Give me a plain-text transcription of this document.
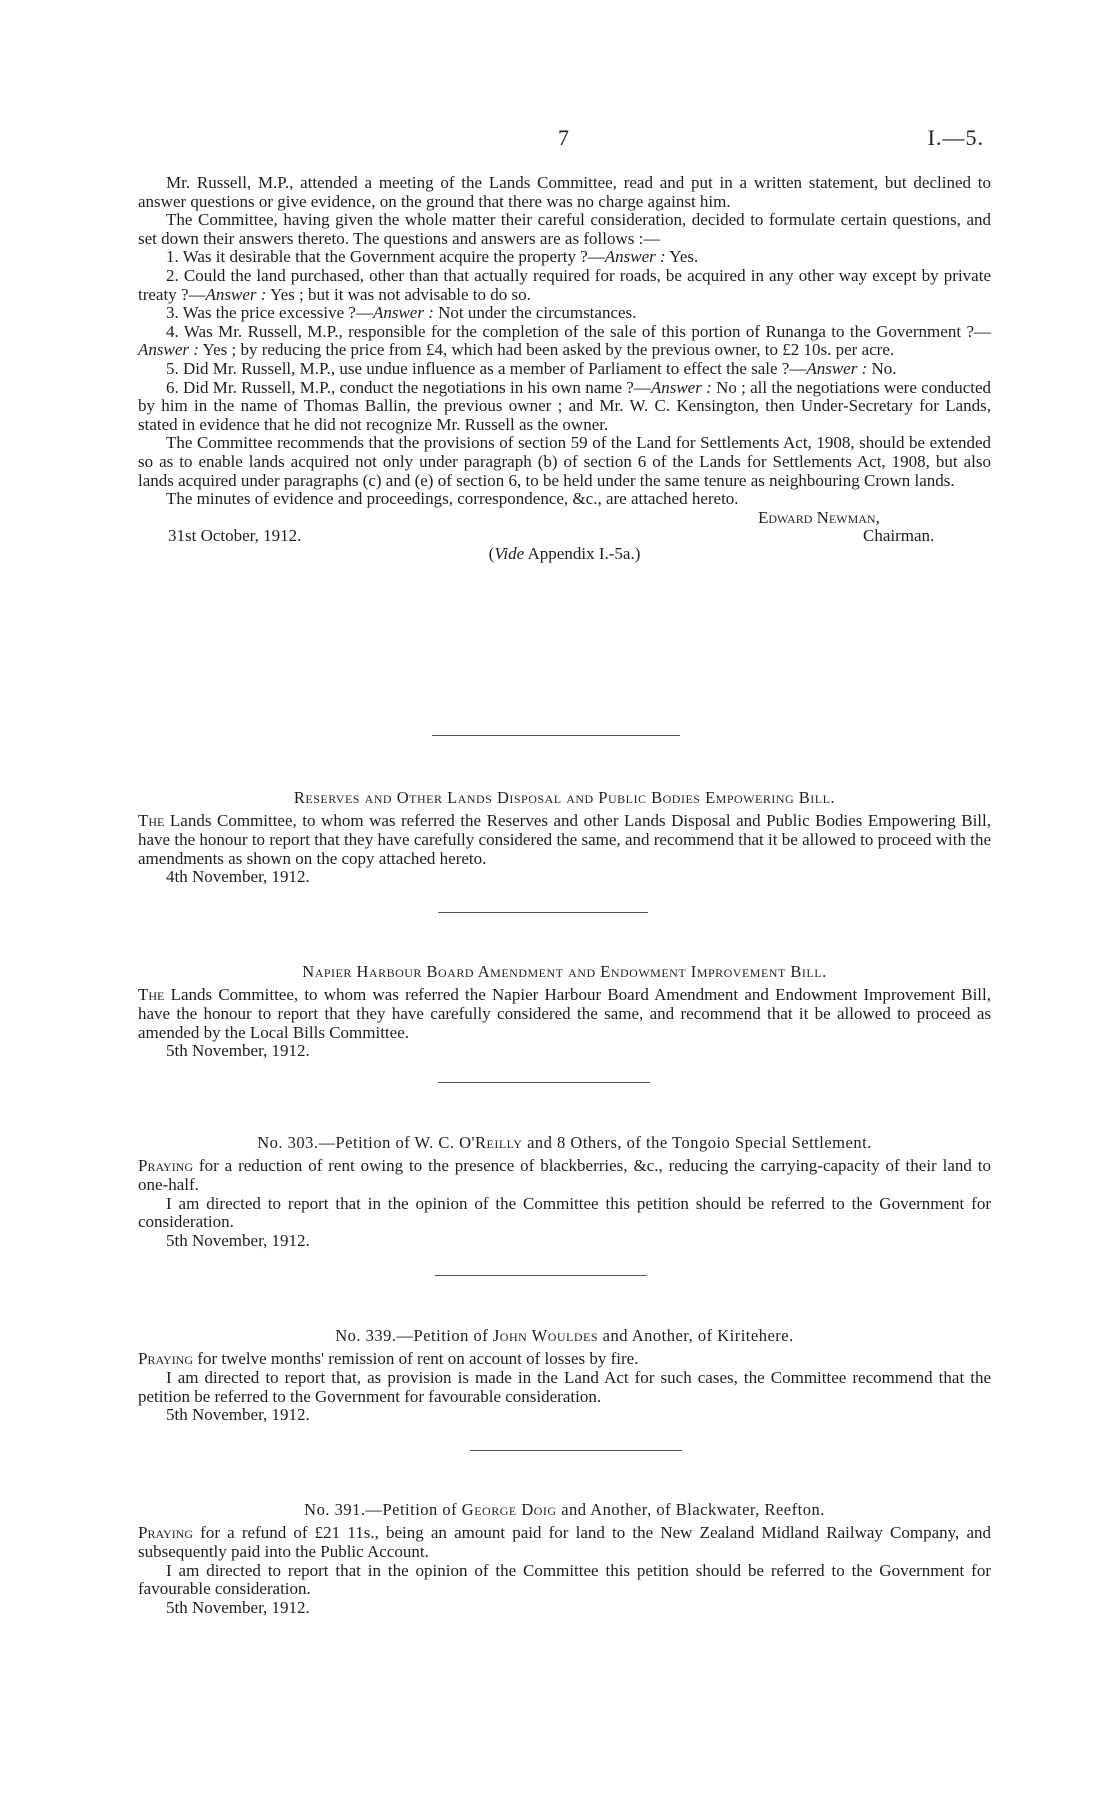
7	I.—5.

Mr. Russell, M.P., attended a meeting of the Lands Committee, read and put in a written statement, but declined to answer questions or give evidence, on the ground that there was no charge against him.

The Committee, having given the whole matter their careful consideration, decided to formulate certain questions, and set down their answers thereto. The questions and answers are as follows :—

1. Was it desirable that the Government acquire the property ?—Answer : Yes.

2. Could the land purchased, other than that actually required for roads, be acquired in any other way except by private treaty ?—Answer : Yes ; but it was not advisable to do so.

3. Was the price excessive ?—Answer : Not under the circumstances.

4. Was Mr. Russell, M.P., responsible for the completion of the sale of this portion of Runanga to the Government ?—Answer : Yes ; by reducing the price from £4, which had been asked by the previous owner, to £2 10s. per acre.

5. Did Mr. Russell, M.P., use undue influence as a member of Parliament to effect the sale ?—Answer : No.

6. Did Mr. Russell, M.P., conduct the negotiations in his own name ?—Answer : No ; all the negotiations were conducted by him in the name of Thomas Ballin, the previous owner ; and Mr. W. C. Kensington, then Under-Secretary for Lands, stated in evidence that he did not recognize Mr. Russell as the owner.

The Committee recommends that the provisions of section 59 of the Land for Settlements Act, 1908, should be extended so as to enable lands acquired not only under paragraph (b) of section 6 of the Lands for Settlements Act, 1908, but also lands acquired under paragraphs (c) and (e) of section 6, to be held under the same tenure as neighbouring Crown lands.

The minutes of evidence and proceedings, correspondence, &c., are attached hereto.

Edward Newman,
Chairman.
31st October, 1912.

(Vide Appendix I.-5a.)

Reserves and Other Lands Disposal and Public Bodies Empowering Bill.

The Lands Committee, to whom was referred the Reserves and other Lands Disposal and Public Bodies Empowering Bill, have the honour to report that they have carefully considered the same, and recommend that it be allowed to proceed with the amendments as shown on the copy attached hereto.

4th November, 1912.

Napier Harbour Board Amendment and Endowment Improvement Bill.

The Lands Committee, to whom was referred the Napier Harbour Board Amendment and Endowment Improvement Bill, have the honour to report that they have carefully considered the same, and recommend that it be allowed to proceed as amended by the Local Bills Committee.

5th November, 1912.

No. 303.—Petition of W. C. O'Reilly and 8 Others, of the Tongoio Special Settlement.

Praying for a reduction of rent owing to the presence of blackberries, &c., reducing the carrying-capacity of their land to one-half.

I am directed to report that in the opinion of the Committee this petition should be referred to the Government for consideration.

5th November, 1912.

No. 339.—Petition of John Wouldes and Another, of Kiritehere.

Praying for twelve months' remission of rent on account of losses by fire.

I am directed to report that, as provision is made in the Land Act for such cases, the Committee recommend that the petition be referred to the Government for favourable consideration.

5th November, 1912.

No. 391.—Petition of George Doig and Another, of Blackwater, Reefton.

Praying for a refund of £21 11s., being an amount paid for land to the New Zealand Midland Railway Company, and subsequently paid into the Public Account.

I am directed to report that in the opinion of the Committee this petition should be referred to the Government for favourable consideration.

5th November, 1912.
